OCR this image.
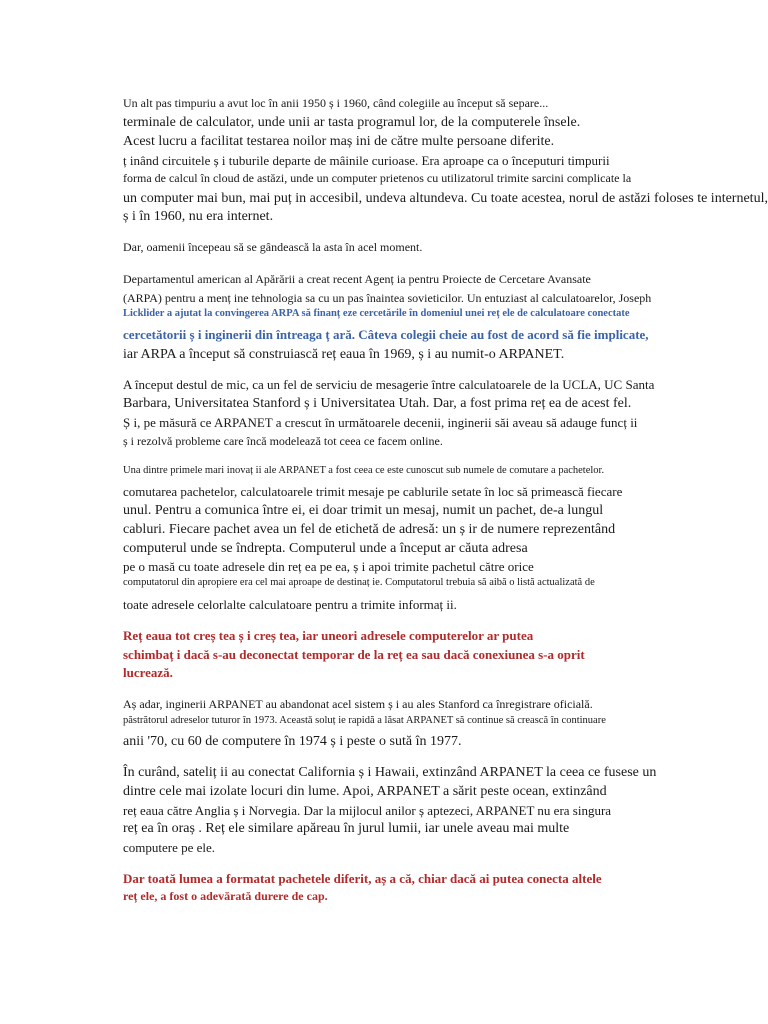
Un alt pas timpuriu a avut loc în anii 1950 ș i 1960, când colegiile au început să separe...
terminale de calculator, unde unii ar tasta programul lor, de la computerele însele.
Acest lucru a facilitat testarea noilor maș ini de către multe persoane diferite.
ț inând circuitele ș i tuburile departe de mâinile curioase. Era aproape ca o începuturi timpurii
forma de calcul în cloud de astăzi, unde un computer prietenos cu utilizatorul trimite sarcini complicate la
un computer mai bun, mai puț in accesibil, undeva altundeva. Cu toate acestea, norul de astăzi foloses te internetul,
ș i în 1960, nu era internet.
Dar, oamenii începeau să se gândească la asta în acel moment.
Departamentul american al Apărării a creat recent Agenț ia pentru Proiecte de Cercetare Avansate
(ARPA) pentru a menț ine tehnologia sa cu un pas înaintea sovieticilor. Un entuziast al calculatoarelor, Joseph
Licklider a ajutat la convingerea ARPA să finanț eze cercetările în domeniul unei reț ele de calculatoare conectate
cercetătorii ș i inginerii din întreaga ț ară. Câteva colegii cheie au fost de acord să fie implicate,
iar ARPA a început să construiască reț eaua în 1969, ș i au numit-o ARPANET.
A început destul de mic, ca un fel de serviciu de mesagerie între calculatoarele de la UCLA, UC Santa
Barbara, Universitatea Stanford ș i Universitatea Utah. Dar, a fost prima reț ea de acest fel.
Ș i, pe măsură ce ARPANET a crescut în următoarele decenii, inginerii săi aveau să adauge funcț ii
ș i rezolvă probleme care încă modelează tot ceea ce facem online.
Una dintre primele mari inovaț ii ale ARPANET a fost ceea ce este cunoscut sub numele de comutare a pachetelor.
comutarea pachetelor, calculatoarele trimit mesaje pe cablurile setate în loc să primească fiecare
unul. Pentru a comunica între ei, ei doar trimit un mesaj, numit un pachet, de-a lungul
cabluri. Fiecare pachet avea un fel de etichetă de adresă: un ș ir de numere reprezentând
computerul unde se îndrepta. Computerul unde a început ar căuta adresa
pe o masă cu toate adresele din reț ea pe ea, ș i apoi trimite pachetul către orice
computatorul din apropiere era cel mai aproape de destinaț ie. Computatorul trebuia să aibă o listă actualizată de
toate adresele celorlalte calculatoare pentru a trimite informaț ii.
Reț eaua tot creș tea ș i creș tea, iar uneori adresele computerelor ar putea
schimbaț i dacă s-au deconectat temporar de la reț ea sau dacă conexiunea s-a oprit
lucrează.
Aș adar, inginerii ARPANET au abandonat acel sistem ș i au ales Stanford ca înregistrare oficială.
păstrătorul adreselor tuturor în 1973. Aceastǎ soluț ie rapidă a lăsat ARPANET să continue să crească în continuare
anii '70, cu 60 de computere în 1974 ș i peste o sută în 1977.
În curând, sateliț ii au conectat California ș i Hawaii, extinzând ARPANET la ceea ce fusese un
dintre cele mai izolate locuri din lume. Apoi, ARPANET a sărit peste ocean, extinzând
reț eaua către Anglia ș i Norvegia. Dar la mijlocul anilor ș aptezeci, ARPANET nu era singura
reț ea în oraș . Reț ele similare apăreau în jurul lumii, iar unele aveau mai multe
computere pe ele.
Dar toată lumea a formatat pachetele diferit, aș a că, chiar dacă ai putea conecta altele
reț ele, a fost o adevărată durere de cap.
